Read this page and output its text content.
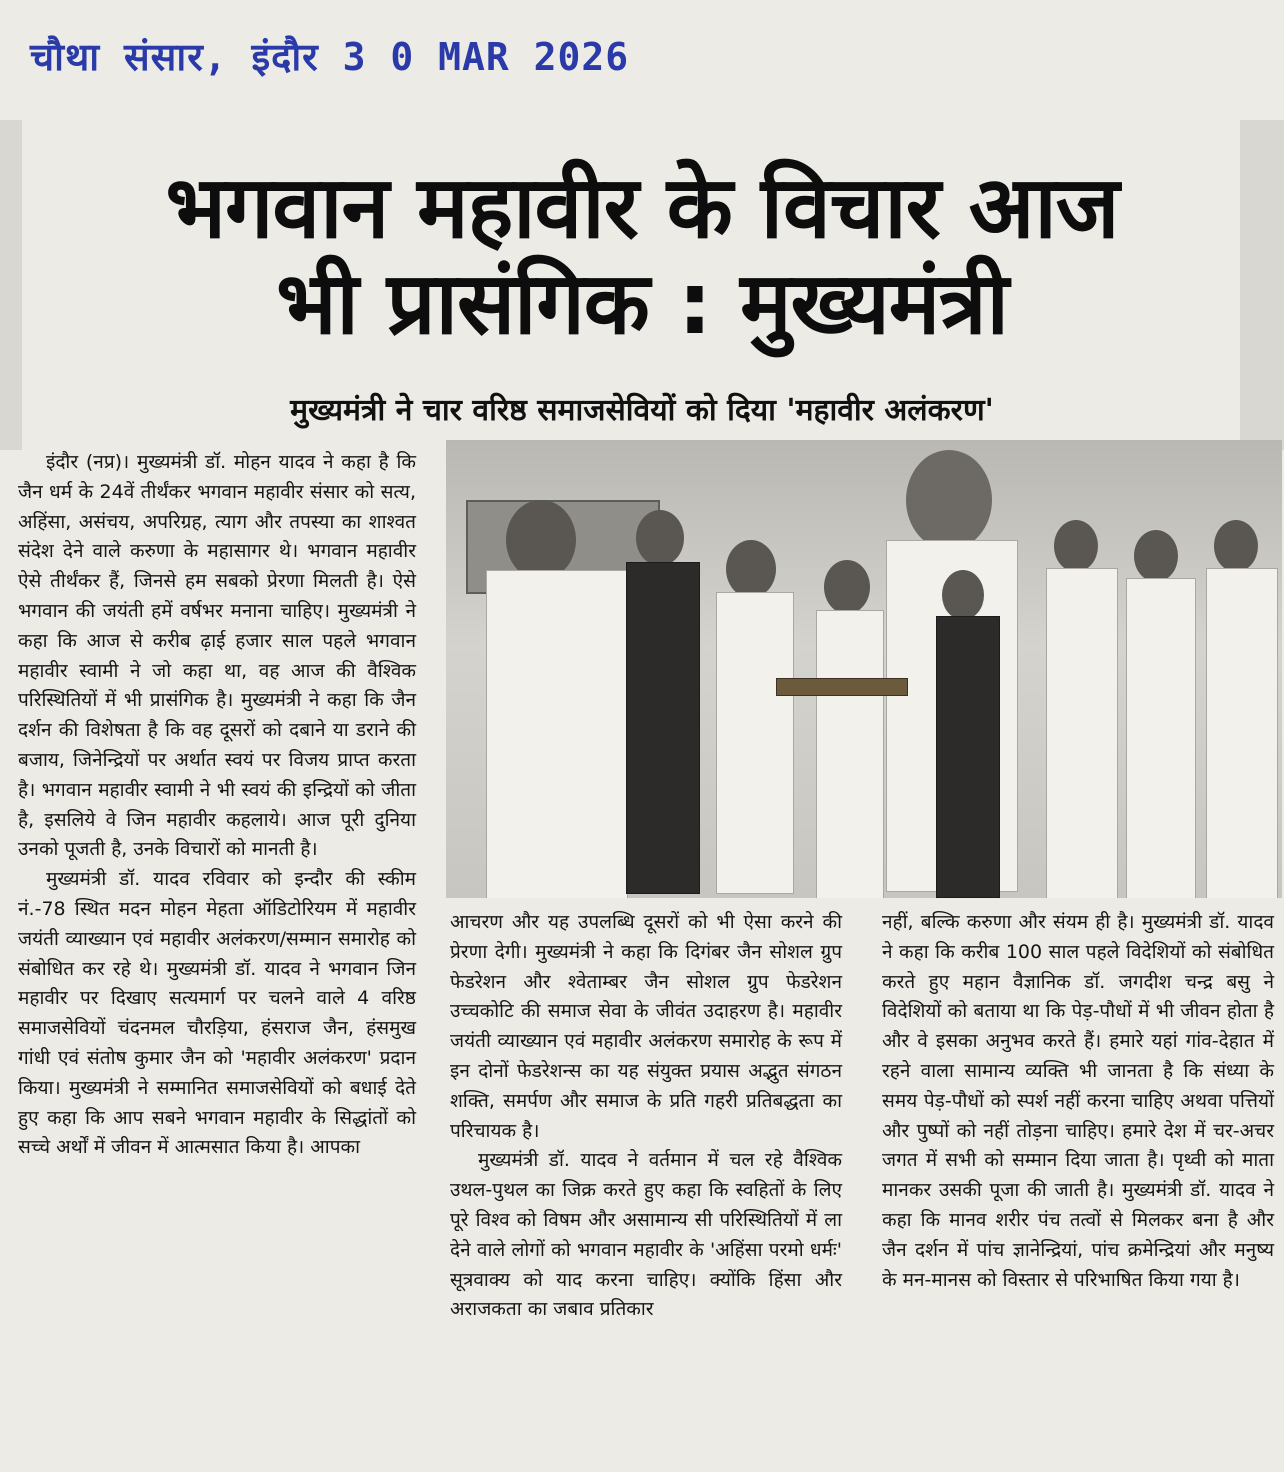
चौथा संसार, इंदौर 3 0 MAR 2026
भगवान महावीर के विचार आज
भी प्रासंगिक : मुख्यमंत्री
मुख्यमंत्री ने चार वरिष्ठ समाजसेवियों को दिया 'महावीर अलंकरण'

इंदौर (नप्र)। मुख्यमंत्री डॉ. मोहन यादव ने कहा है कि जैन धर्म के 24वें तीर्थंकर भगवान महावीर संसार को सत्य, अहिंसा, असंचय, अपरिग्रह, त्याग और तपस्या का शाश्वत संदेश देने वाले करुणा के महासागर थे। भगवान महावीर ऐसे तीर्थंकर हैं, जिनसे हम सबको प्रेरणा मिलती है। ऐसे भगवान की जयंती हमें वर्षभर मनाना चाहिए। मुख्यमंत्री ने कहा कि आज से करीब ढ़ाई हजार साल पहले भगवान महावीर स्वामी ने जो कहा था, वह आज की वैश्विक परिस्थितियों में भी प्रासंगिक है। मुख्यमंत्री ने कहा कि जैन दर्शन की विशेषता है कि वह दूसरों को दबाने या डराने की बजाय, जिनेन्द्रियों पर अर्थात स्वयं पर विजय प्राप्त करता है। भगवान महावीर स्वामी ने भी स्वयं की इन्द्रियों को जीता है, इसलिये वे जिन महावीर कहलाये। आज पूरी दुनिया उनको पूजती है, उनके विचारों को मानती है।

मुख्यमंत्री डॉ. यादव रविवार को इन्दौर की स्कीम नं.-78 स्थित मदन मोहन मेहता ऑडिटोरियम में महावीर जयंती व्याख्यान एवं महावीर अलंकरण/सम्मान समारोह को संबोधित कर रहे थे। मुख्यमंत्री डॉ. यादव ने भगवान जिन महावीर पर दिखाए सत्यमार्ग पर चलने वाले 4 वरिष्ठ समाजसेवियों चंदनमल चौरड़िया, हंसराज जैन, हंसमुख गांधी एवं संतोष कुमार जैन को 'महावीर अलंकरण' प्रदान किया। मुख्यमंत्री ने सम्मानित समाजसेवियों को बधाई देते हुए कहा कि आप सबने भगवान महावीर के सिद्धांतों को सच्चे अर्थों में जीवन में आत्मसात किया है। आपका

आचरण और यह उपलब्धि दूसरों को भी ऐसा करने की प्रेरणा देगी। मुख्यमंत्री ने कहा कि दिगंबर जैन सोशल ग्रुप फेडरेशन और श्वेताम्बर जैन सोशल ग्रुप फेडरेशन उच्चकोटि की समाज सेवा के जीवंत उदाहरण है। महावीर जयंती व्याख्यान एवं महावीर अलंकरण समारोह के रूप में इन दोनों फेडरेशन्स का यह संयुक्त प्रयास अद्भुत संगठन शक्ति, समर्पण और समाज के प्रति गहरी प्रतिबद्धता का परिचायक है।

मुख्यमंत्री डॉ. यादव ने वर्तमान में चल रहे वैश्विक उथल-पुथल का जिक्र करते हुए कहा कि स्वहितों के लिए पूरे विश्व को विषम और असामान्य सी परिस्थितियों में ला देने वाले लोगों को भगवान महावीर के 'अहिंसा परमो धर्मः' सूत्रवाक्य को याद करना चाहिए। क्योंकि हिंसा और अराजकता का जबाव प्रतिकार

नहीं, बल्कि करुणा और संयम ही है। मुख्यमंत्री डॉ. यादव ने कहा कि करीब 100 साल पहले विदेशियों को संबोधित करते हुए महान वैज्ञानिक डॉ. जगदीश चन्द्र बसु ने विदेशियों को बताया था कि पेड़-पौधों में भी जीवन होता है और वे इसका अनुभव करते हैं। हमारे यहां गांव-देहात में रहने वाला सामान्य व्यक्ति भी जानता है कि संध्या के समय पेड़-पौधों को स्पर्श नहीं करना चाहिए अथवा पत्तियों और पुष्पों को नहीं तोड़ना चाहिए। हमारे देश में चर-अचर जगत में सभी को सम्मान दिया जाता है। पृथ्वी को माता मानकर उसकी पूजा की जाती है। मुख्यमंत्री डॉ. यादव ने कहा कि मानव शरीर पंच तत्वों से मिलकर बना है और जैन दर्शन में पांच ज्ञानेन्द्रियां, पांच क्रमेन्द्रियां और मनुष्य के मन-मानस को विस्तार से परिभाषित किया गया है।
